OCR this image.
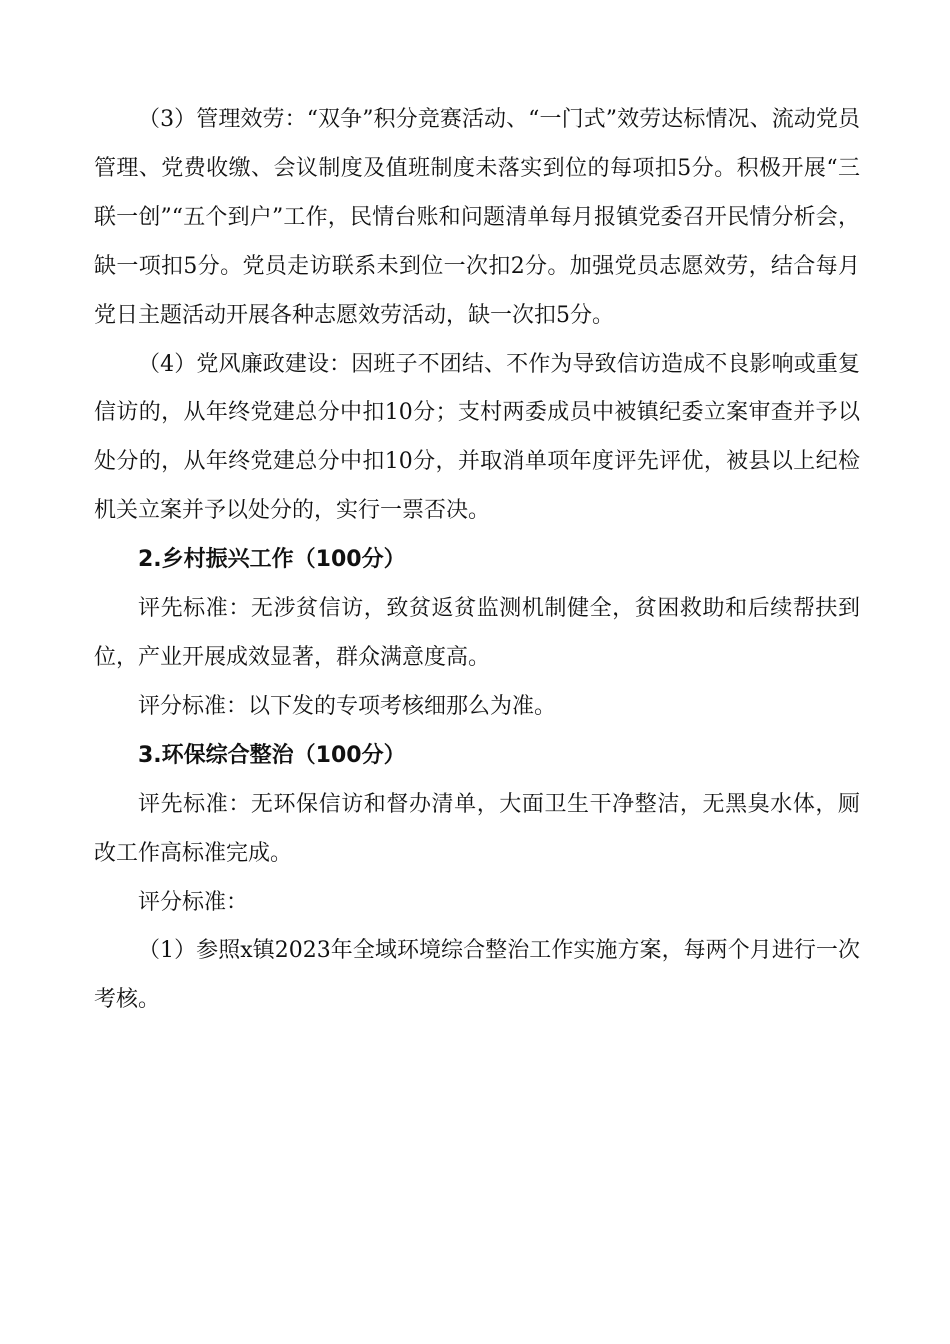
（3）管理效劳：“双争”积分竞赛活动、“一门式”效劳达标情况、流动党员管理、党费收缴、会议制度及值班制度未落实到位的每项扣5分。积极开展“三联一创”“五个到户”工作，民情台账和问题清单每月报镇党委召开民情分析会，缺一项扣5分。党员走访联系未到位一次扣2分。加强党员志愿效劳，结合每月党日主题活动开展各种志愿效劳活动，缺一次扣5分。

（4）党风廉政建设：因班子不团结、不作为导致信访造成不良影响或重复信访的，从年终党建总分中扣10分；支村两委成员中被镇纪委立案审查并予以处分的，从年终党建总分中扣10分，并取消单项年度评先评优，被县以上纪检机关立案并予以处分的，实行一票否决。

2.乡村振兴工作（100分）

评先标准：无涉贫信访，致贫返贫监测机制健全，贫困救助和后续帮扶到位，产业开展成效显著，群众满意度高。

评分标准：以下发的专项考核细那么为准。

3.环保综合整治（100分）

评先标准：无环保信访和督办清单，大面卫生干净整洁，无黑臭水体，厕改工作高标准完成。

评分标准：

（1）参照x镇2023年全域环境综合整治工作实施方案，每两个月进行一次考核。
